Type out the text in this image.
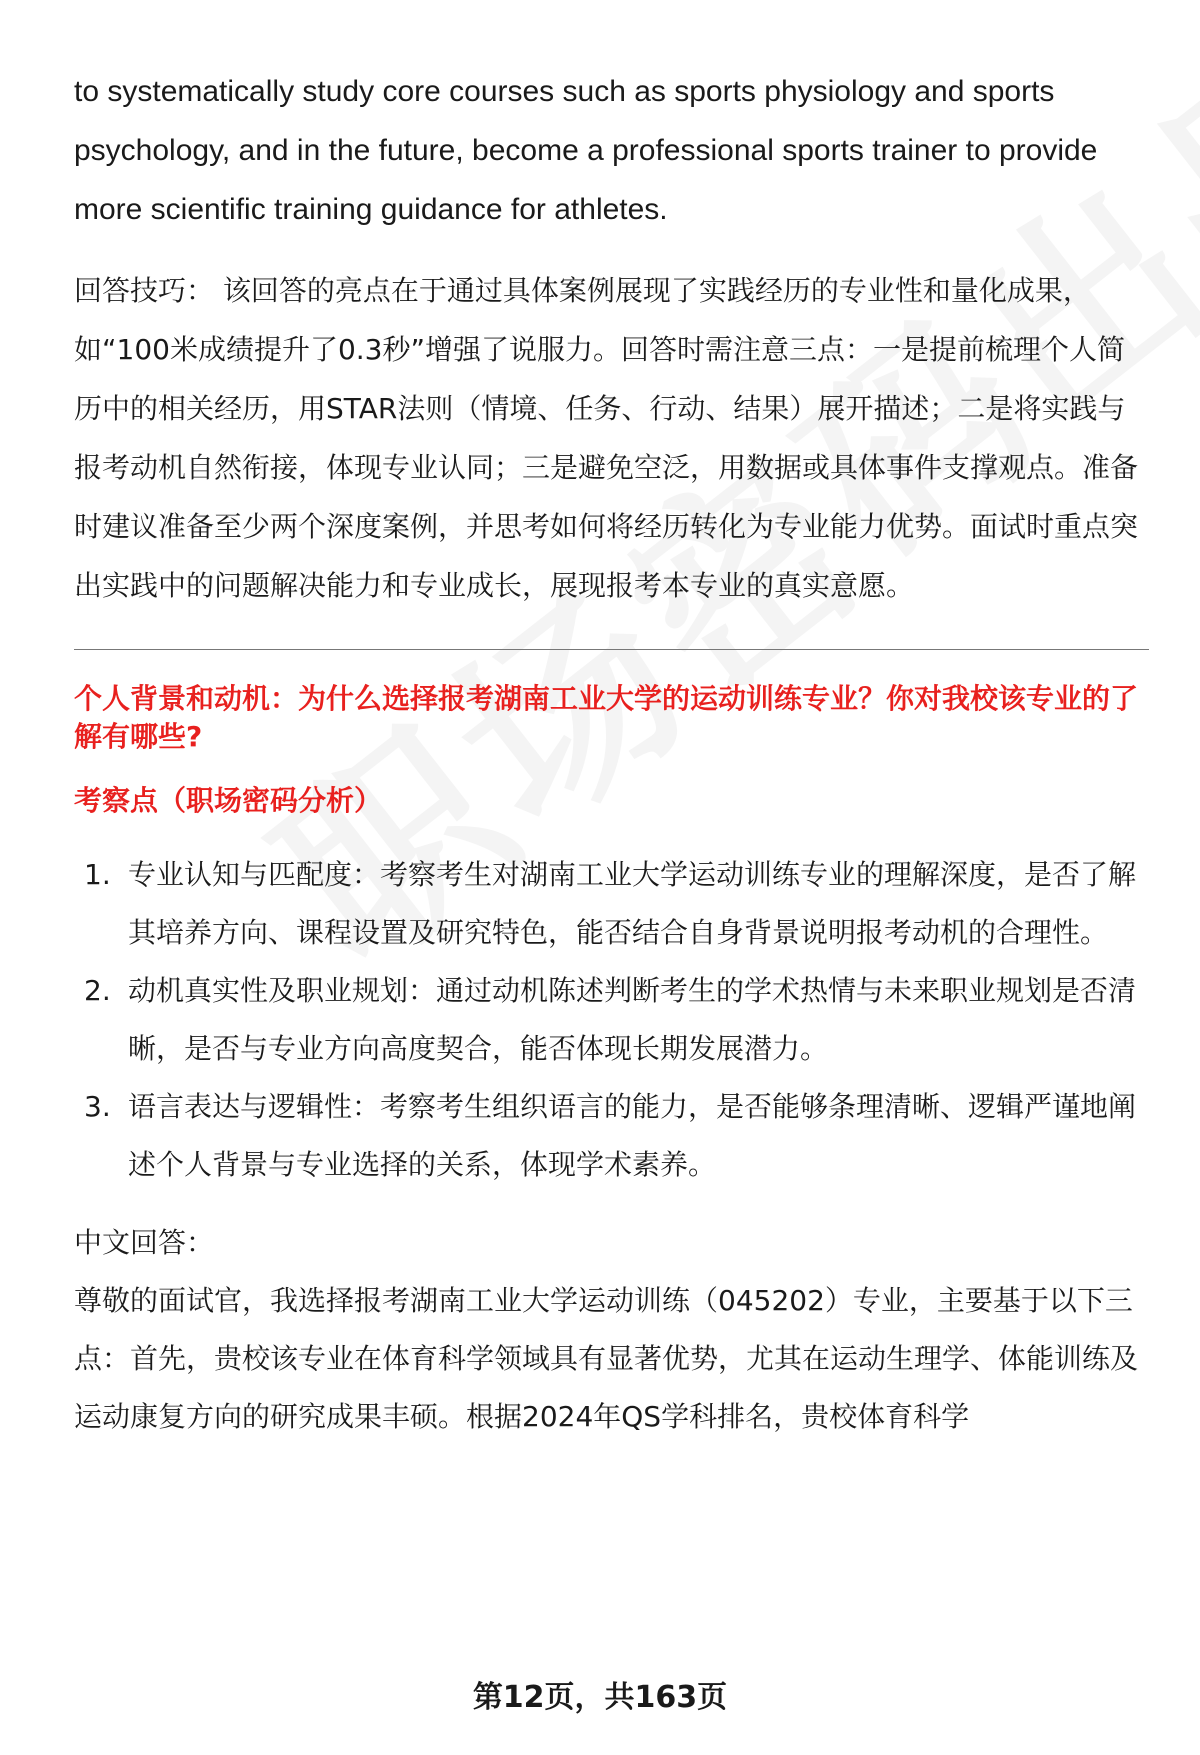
to systematically study core courses such as sports physiology and sports psychology, and in the future, become a professional sports trainer to provide more scientific training guidance for athletes.

回答技巧： 该回答的亮点在于通过具体案例展现了实践经历的专业性和量化成果，如“100米成绩提升了0.3秒”增强了说服力。回答时需注意三点：一是提前梳理个人简历中的相关经历，用STAR法则（情境、任务、行动、结果）展开描述；二是将实践与报考动机自然衔接，体现专业认同；三是避免空泛，用数据或具体事件支撑观点。准备时建议准备至少两个深度案例，并思考如何将经历转化为专业能力优势。面试时重点突出实践中的问题解决能力和专业成长，展现报考本专业的真实意愿。

个人背景和动机：为什么选择报考湖南工业大学的运动训练专业？你对我校该专业的了解有哪些?

考察点（职场密码分析）

1. 专业认知与匹配度：考察考生对湖南工业大学运动训练专业的理解深度，是否了解其培养方向、课程设置及研究特色，能否结合自身背景说明报考动机的合理性。
2. 动机真实性及职业规划：通过动机陈述判断考生的学术热情与未来职业规划是否清晰，是否与专业方向高度契合，能否体现长期发展潜力。
3. 语言表达与逻辑性：考察考生组织语言的能力，是否能够条理清晰、逻辑严谨地阐述个人背景与专业选择的关系，体现学术素养。

中文回答：

尊敬的面试官，我选择报考湖南工业大学运动训练（045202）专业，主要基于以下三点：首先，贵校该专业在体育科学领域具有显著优势，尤其在运动生理学、体能训练及运动康复方向的研究成果丰硕。根据2024年QS学科排名，贵校体育科学

第12页，共163页
